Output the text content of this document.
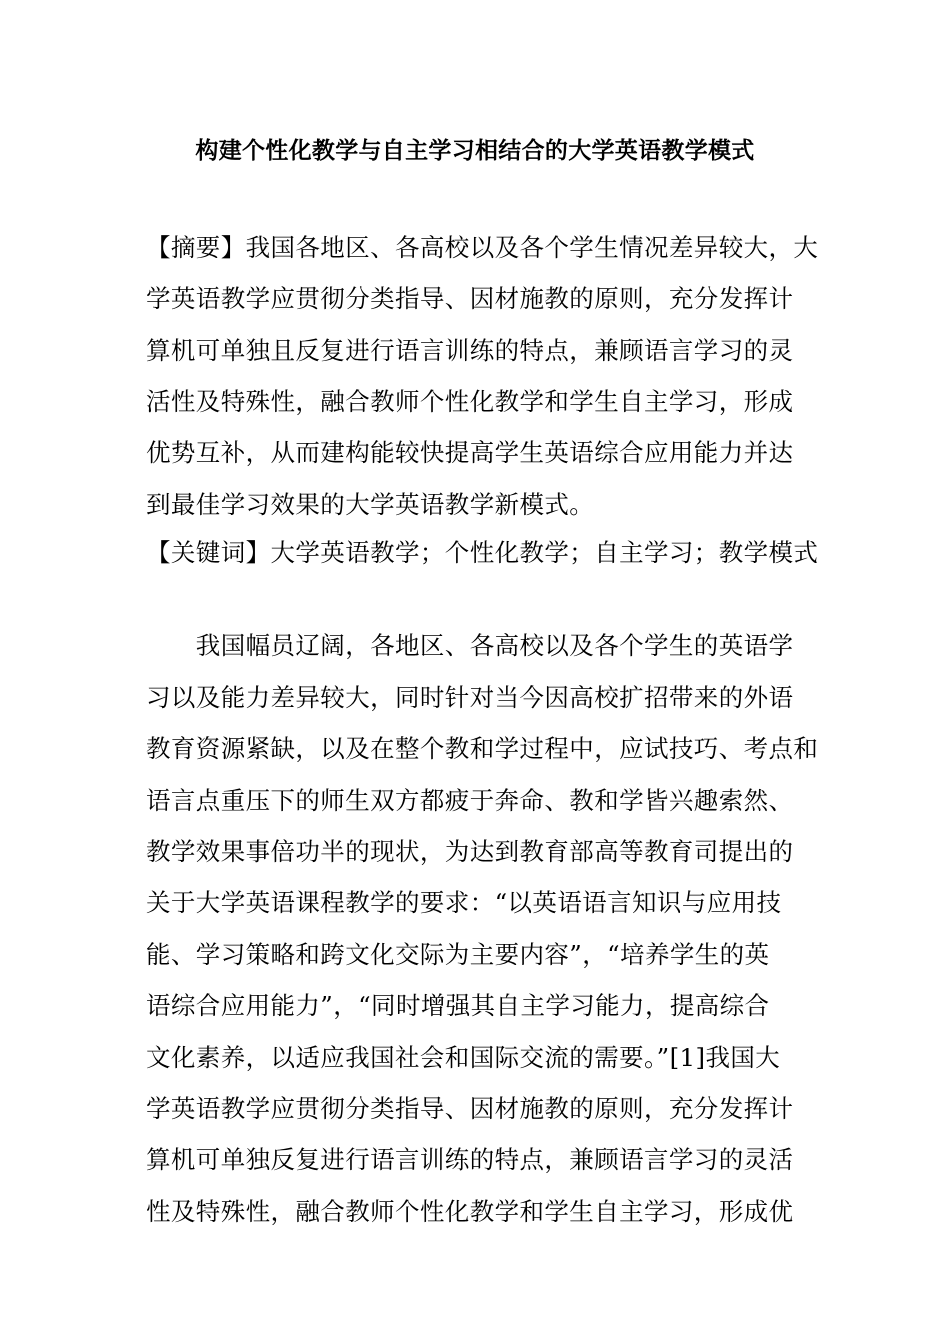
构建个性化教学与自主学习相结合的大学英语教学模式
【摘要】我国各地区、各高校以及各个学生情况差异较大，大
学英语教学应贯彻分类指导、因材施教的原则，充分发挥计
算机可单独且反复进行语言训练的特点，兼顾语言学习的灵
活性及特殊性，融合教师个性化教学和学生自主学习，形成
优势互补，从而建构能较快提高学生英语综合应用能力并达
到最佳学习效果的大学英语教学新模式。
【关键词】大学英语教学；个性化教学；自主学习；教学模式
　　我国幅员辽阔，各地区、各高校以及各个学生的英语学
习以及能力差异较大，同时针对当今因高校扩招带来的外语
教育资源紧缺，以及在整个教和学过程中，应试技巧、考点和
语言点重压下的师生双方都疲于奔命、教和学皆兴趣索然、
教学效果事倍功半的现状，为达到教育部高等教育司提出的
关于大学英语课程教学的要求：“以英语语言知识与应用技
能、学习策略和跨文化交际为主要内容”，“培养学生的英
语综合应用能力”，“同时增强其自主学习能力，提高综合
文化素养，以适应我国社会和国际交流的需要。”[1]我国大
学英语教学应贯彻分类指导、因材施教的原则，充分发挥计
算机可单独反复进行语言训练的特点，兼顾语言学习的灵活
性及特殊性，融合教师个性化教学和学生自主学习，形成优
